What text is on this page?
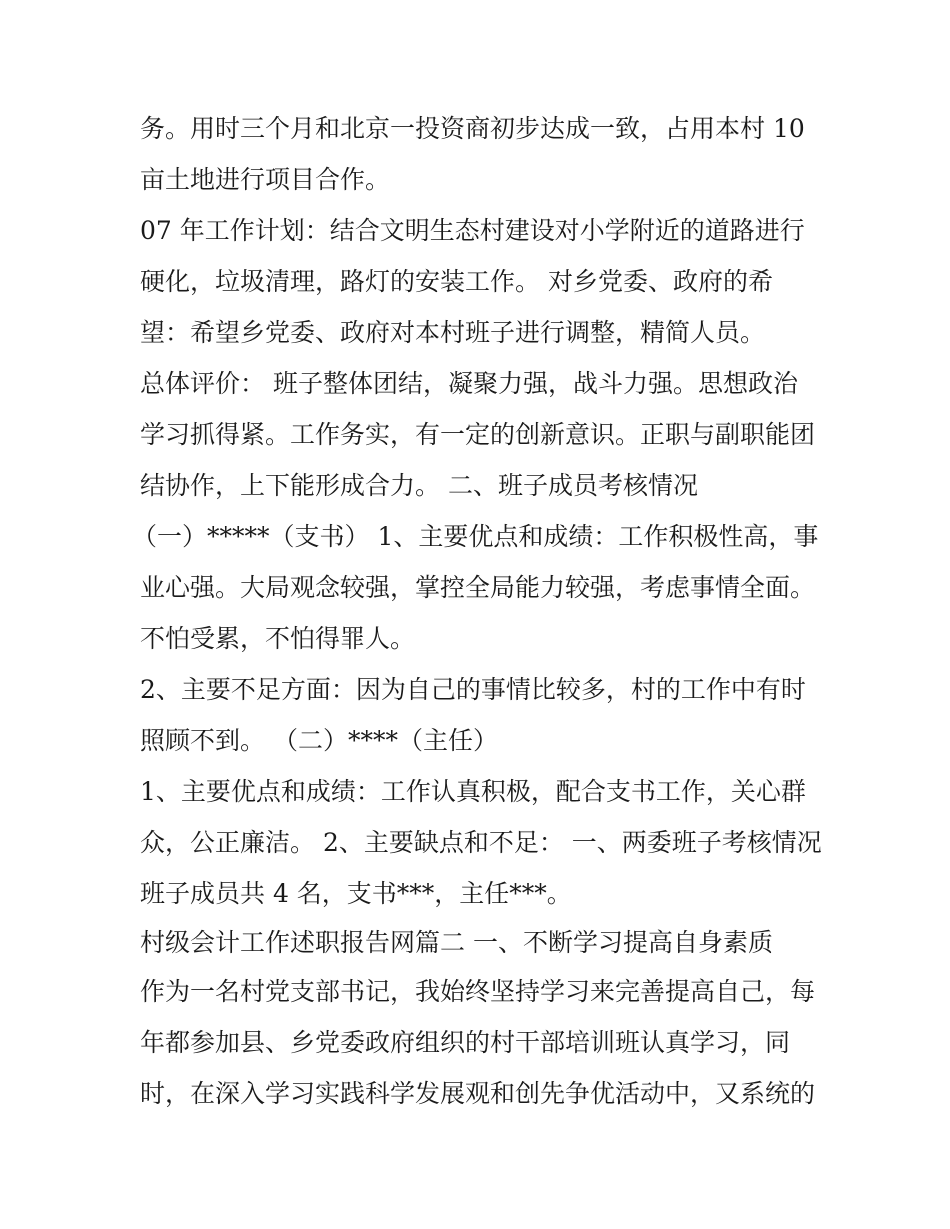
务。用时三个月和北京一投资商初步达成一致，占用本村 10
亩土地进行项目合作。
07 年工作计划：结合文明生态村建设对小学附近的道路进行
硬化，垃圾清理，路灯的安装工作。 对乡党委、政府的希
望：希望乡党委、政府对本村班子进行调整，精简人员。
总体评价： 班子整体团结，凝聚力强，战斗力强。思想政治
学习抓得紧。工作务实，有一定的创新意识。正职与副职能团
结协作，上下能形成合力。 二、班子成员考核情况
（一）*****（支书） 1、主要优点和成绩：工作积极性高，事
业心强。大局观念较强，掌控全局能力较强，考虑事情全面。
不怕受累，不怕得罪人。
2、主要不足方面：因为自己的事情比较多，村的工作中有时
照顾不到。 （二）****（主任）
1、主要优点和成绩：工作认真积极，配合支书工作，关心群
众，公正廉洁。 2、主要缺点和不足： 一、两委班子考核情况
班子成员共 4 名，支书***，主任***。
村级会计工作述职报告网篇二 一、不断学习提高自身素质
作为一名村党支部书记，我始终坚持学习来完善提高自己，每
年都参加县、乡党委政府组织的村干部培训班认真学习，同
时，在深入学习实践科学发展观和创先争优活动中，又系统的
